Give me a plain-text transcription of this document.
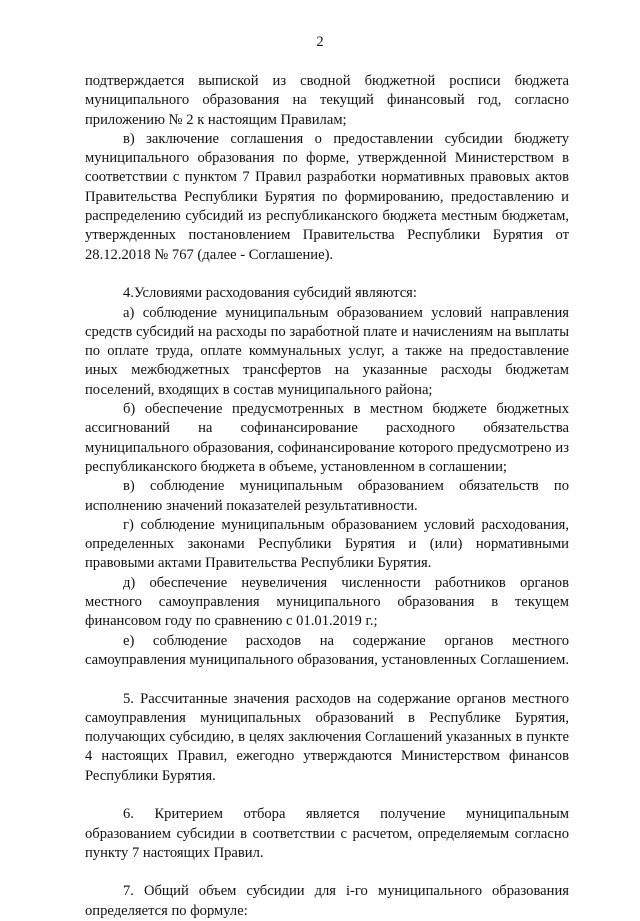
2

подтверждается выпиской из сводной бюджетной росписи бюджета муниципального образования на текущий финансовый год, согласно приложению № 2 к настоящим Правилам;

в) заключение соглашения о предоставлении субсидии бюджету муниципального образования по форме, утвержденной Министерством в соответствии с пунктом 7 Правил разработки нормативных правовых актов Правительства Республики Бурятия по формированию, предоставлению и распределению субсидий из республиканского бюджета местным бюджетам, утвержденных постановлением Правительства Республики Бурятия от 28.12.2018 № 767 (далее - Соглашение).

4.Условиями расходования субсидий являются:

а) соблюдение муниципальным образованием условий направления средств субсидий на расходы по заработной плате и начислениям на выплаты по оплате труда, оплате коммунальных услуг, а также на предоставление иных межбюджетных трансфертов на указанные расходы бюджетам поселений, входящих в состав муниципального района;

б) обеспечение предусмотренных в местном бюджете бюджетных ассигнований на софинансирование расходного обязательства муниципального образования, софинансирование которого предусмотрено из республиканского бюджета в объеме, установленном в соглашении;

в) соблюдение муниципальным образованием обязательств по исполнению значений показателей результативности.

г) соблюдение муниципальным образованием условий расходования, определенных законами Республики Бурятия и (или) нормативными правовыми актами Правительства Республики Бурятия.

д) обеспечение неувеличения численности работников органов местного самоуправления муниципального образования в текущем финансовом году по сравнению с 01.01.2019 г.;

е) соблюдение расходов на содержание органов местного самоуправления муниципального образования, установленных Соглашением.

5. Рассчитанные значения расходов на содержание органов местного самоуправления муниципальных образований в Республике Бурятия, получающих субсидию, в целях заключения Соглашений указанных в пункте 4 настоящих Правил, ежегодно утверждаются Министерством финансов Республики Бурятия.

6. Критерием отбора является получение муниципальным образованием субсидии в соответствии с расчетом, определяемым согласно пункту 7 настоящих Правил.

7. Общий объем субсидии для i-го муниципального образования определяется по формуле:
